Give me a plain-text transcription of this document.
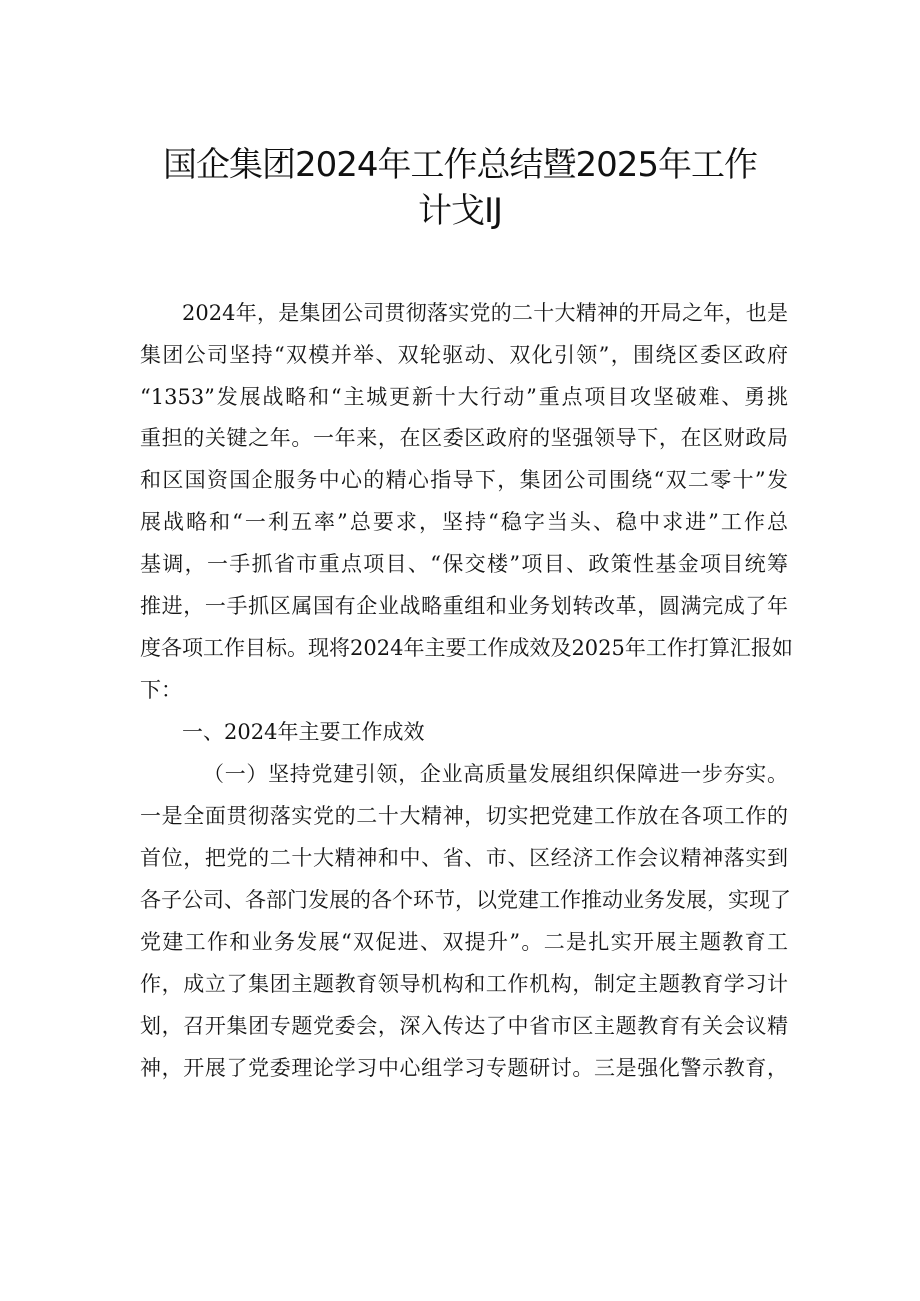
国企集团2024年工作总结暨2025年工作
计戈IJ
2024年，是集团公司贯彻落实党的二十大精神的开局之年，也是
集团公司坚持“双模并举、双轮驱动、双化引领”，围绕区委区政府
“1353”发展战略和“主城更新十大行动”重点项目攻坚破难、勇挑
重担的关键之年。一年来，在区委区政府的坚强领导下，在区财政局
和区国资国企服务中心的精心指导下，集团公司围绕“双二零十”发
展战略和“一利五率”总要求，坚持“稳字当头、稳中求进”工作总
基调，一手抓省市重点项目、“保交楼”项目、政策性基金项目统筹
推进，一手抓区属国有企业战略重组和业务划转改革，圆满完成了年
度各项工作目标。现将2024年主要工作成效及2025年工作打算汇报如
下：
一、2024年主要工作成效
（一）坚持党建引领，企业高质量发展组织保障进一步夯实。
一是全面贯彻落实党的二十大精神，切实把党建工作放在各项工作的
首位，把党的二十大精神和中、省、市、区经济工作会议精神落实到
各子公司、各部门发展的各个环节，以党建工作推动业务发展，实现了
党建工作和业务发展“双促进、双提升”。二是扎实开展主题教育工
作，成立了集团主题教育领导机构和工作机构，制定主题教育学习计
划，召开集团专题党委会，深入传达了中省市区主题教育有关会议精
神，开展了党委理论学习中心组学习专题研讨。三是强化警示教育，
